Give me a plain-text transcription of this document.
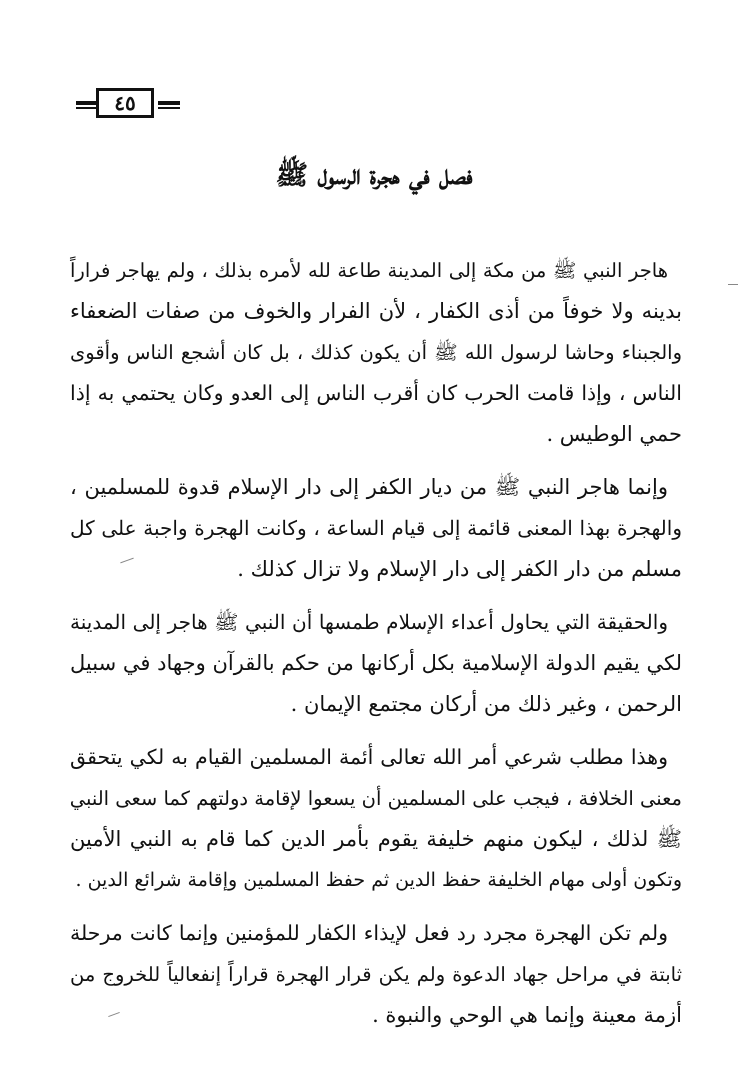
٤٥
فصل في هجرة الرسول ﷺ
هاجر النبي ﷺ من مكة إلى المدينة طاعة لله لأمره بذلك ، ولم يهاجر فراراً
بدينه ولا خوفاً من أذى الكفار ، لأن الفرار والخوف من صفات الضعفاء
والجبناء وحاشا لرسول الله ﷺ أن يكون كذلك ، بل كان أشجع الناس وأقوى
الناس ، وإذا قامت الحرب كان أقرب الناس إلى العدو وكان يحتمي به إذا
حمي الوطيس .
وإنما هاجر النبي ﷺ من ديار الكفر إلى دار الإسلام قدوة للمسلمين ،
والهجرة بهذا المعنى قائمة إلى قيام الساعة ، وكانت الهجرة واجبة على كل
مسلم من دار الكفر إلى دار الإسلام ولا تزال كذلك .
والحقيقة التي يحاول أعداء الإسلام طمسها أن النبي ﷺ هاجر إلى المدينة
لكي يقيم الدولة الإسلامية بكل أركانها من حكم بالقرآن وجهاد في سبيل
الرحمن ، وغير ذلك من أركان مجتمع الإيمان .
وهذا مطلب شرعي أمر الله تعالى أئمة المسلمين القيام به لكي يتحقق
معنى الخلافة ، فيجب على المسلمين أن يسعوا لإقامة دولتهم كما سعى النبي
ﷺ لذلك ، ليكون منهم خليفة يقوم بأمر الدين كما قام به النبي الأمين
وتكون أولى مهام الخليفة حفظ الدين ثم حفظ المسلمين وإقامة شرائع الدين .
ولم تكن الهجرة مجرد رد فعل لإيذاء الكفار للمؤمنين وإنما كانت مرحلة
ثابتة في مراحل جهاد الدعوة ولم يكن قرار الهجرة قراراً إنفعالياً للخروج من
أزمة معينة وإنما هي الوحي والنبوة .
